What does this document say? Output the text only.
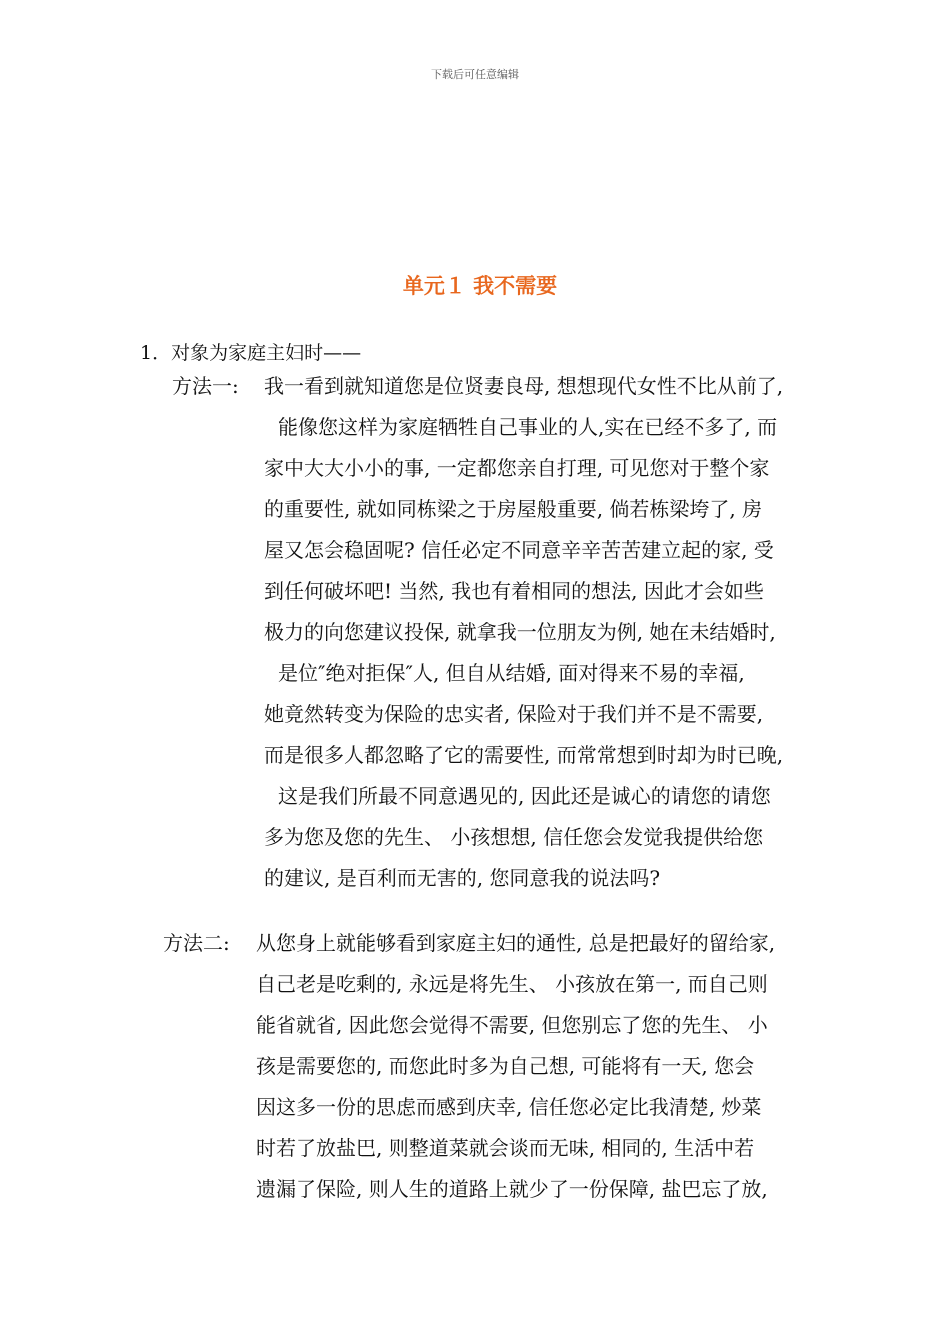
下载后可任意编辑
单元１ 我不需要
1．对象为家庭主妇时——
方法一: 我一看到就知道您是位贤妻良母, 想想现代女性不比从前了,
能像您这样为家庭牺牲自己事业的人,实在已经不多了, 而
家中大大小小的事, 一定都您亲自打理, 可见您对于整个家
的重要性, 就如同栋梁之于房屋般重要, 倘若栋梁垮了, 房
屋又怎会稳固呢? 信任必定不同意辛辛苦苦建立起的家, 受
到任何破坏吧! 当然, 我也有着相同的想法, 因此才会如些
极力的向您建议投保, 就拿我一位朋友为例, 她在未结婚时,
是位″绝对拒保″人, 但自从结婚, 面对得来不易的幸福,
她竟然转变为保险的忠实者, 保险对于我们并不是不需要,
而是很多人都忽略了它的需要性, 而常常想到时却为时已晚,
这是我们所最不同意遇见的, 因此还是诚心的请您的请您
多为您及您的先生、 小孩想想, 信任您会发觉我提供给您
的建议, 是百利而无害的, 您同意我的说法吗?
方法二: 从您身上就能够看到家庭主妇的通性, 总是把最好的留给家,
自己老是吃剩的, 永远是将先生、 小孩放在第一, 而自己则
能省就省, 因此您会觉得不需要, 但您别忘了您的先生、 小
孩是需要您的, 而您此时多为自己想, 可能将有一天, 您会
因这多一份的思虑而感到庆幸, 信任您必定比我清楚, 炒菜
时若了放盐巴, 则整道菜就会谈而无味, 相同的, 生活中若
遗漏了保险, 则人生的道路上就少了一份保障, 盐巴忘了放,
